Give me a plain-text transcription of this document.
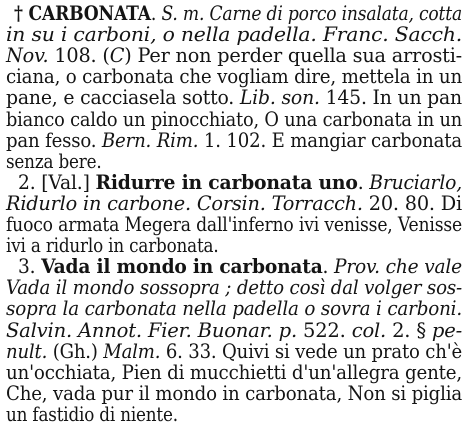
† CARBONATA. S. m. Carne di porco insalata, cotta
in su i carboni, o nella padella. Franc. Sacch.
Nov. 108. (C) Per non perder quella sua arrosti-
ciana, o carbonata che vogliam dire, mettela in un
pane, e cacciasela sotto. Lib. son. 145. In un pan
bianco caldo un pinocchiato, O una carbonata in un
pan fesso. Bern. Rim. 1. 102. E mangiar carbonata
senza bere.
2. [Val.] Ridurre in carbonata uno. Bruciarlo,
Ridurlo in carbone. Corsin. Torracch. 20. 80. Di
fuoco armata Megera dall'inferno ivi venisse, Venisse
ivi a ridurlo in carbonata.
3. Vada il mondo in carbonata. Prov. che vale
Vada il mondo sossopra ; detto così dal volger sos-
sopra la carbonata nella padella o sovra i carboni.
Salvin. Annot. Fier. Buonar. p. 522. col. 2. § pe-
nult. (Gh.) Malm. 6. 33. Quivi si vede un prato ch'è
un'occhiata, Pien di mucchietti d'un'allegra gente,
Che, vada pur il mondo in carbonata, Non si piglia
un fastidio di niente.
